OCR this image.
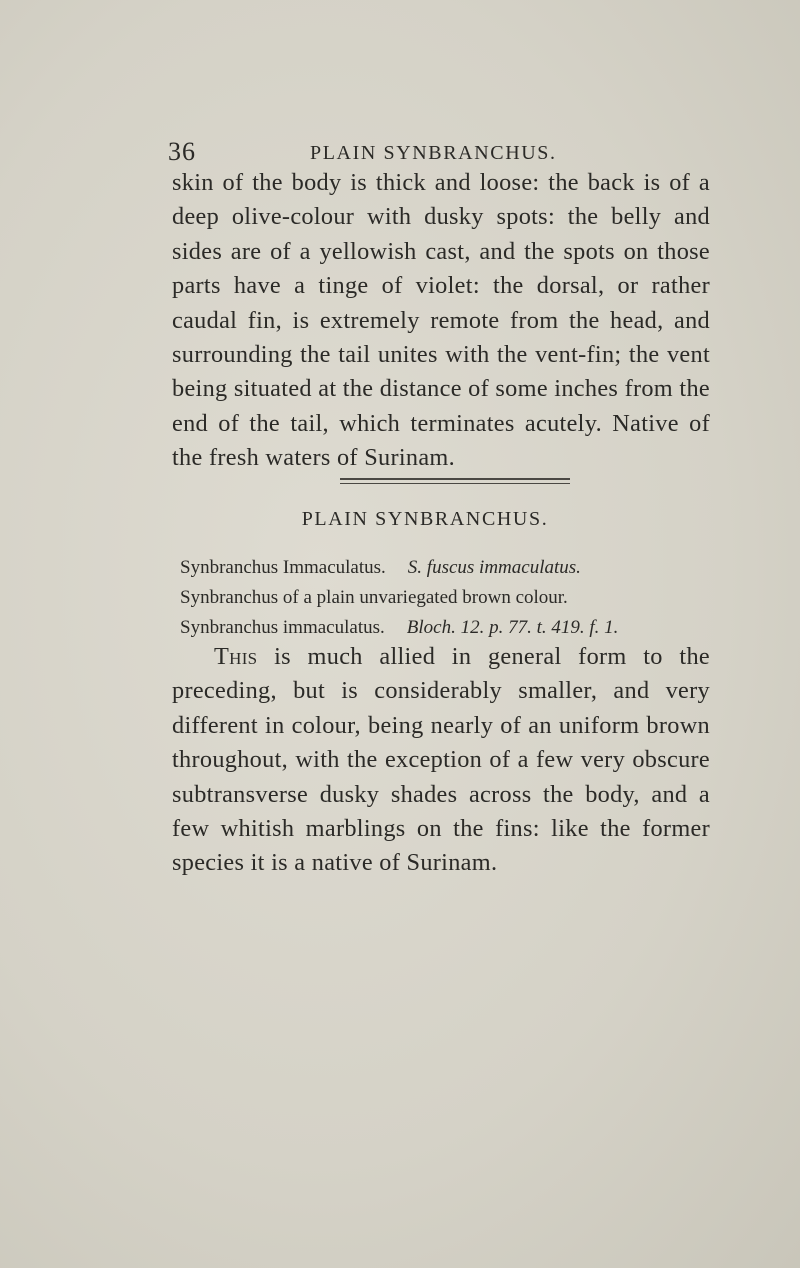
36	PLAIN SYNBRANCHUS.

skin of the body is thick and loose: the back is of a deep olive-colour with dusky spots: the belly and sides are of a yellowish cast, and the spots on those parts have a tinge of violet: the dorsal, or rather caudal fin, is extremely remote from the head, and surrounding the tail unites with the vent-fin; the vent being situated at the distance of some inches from the end of the tail, which terminates acutely. Native of the fresh waters of Surinam.

PLAIN SYNBRANCHUS.
Synbranchus Immaculatus. S. fuscus immaculatus.
Synbranchus of a plain unvariegated brown colour.
Synbranchus immaculatus. Bloch. 12. p. 77. t. 419. f. 1.

This is much allied in general form to the preceding, but is considerably smaller, and very different in colour, being nearly of an uniform brown throughout, with the exception of a few very obscure subtransverse dusky shades across the body, and a few whitish marblings on the fins: like the former species it is a native of Surinam.
